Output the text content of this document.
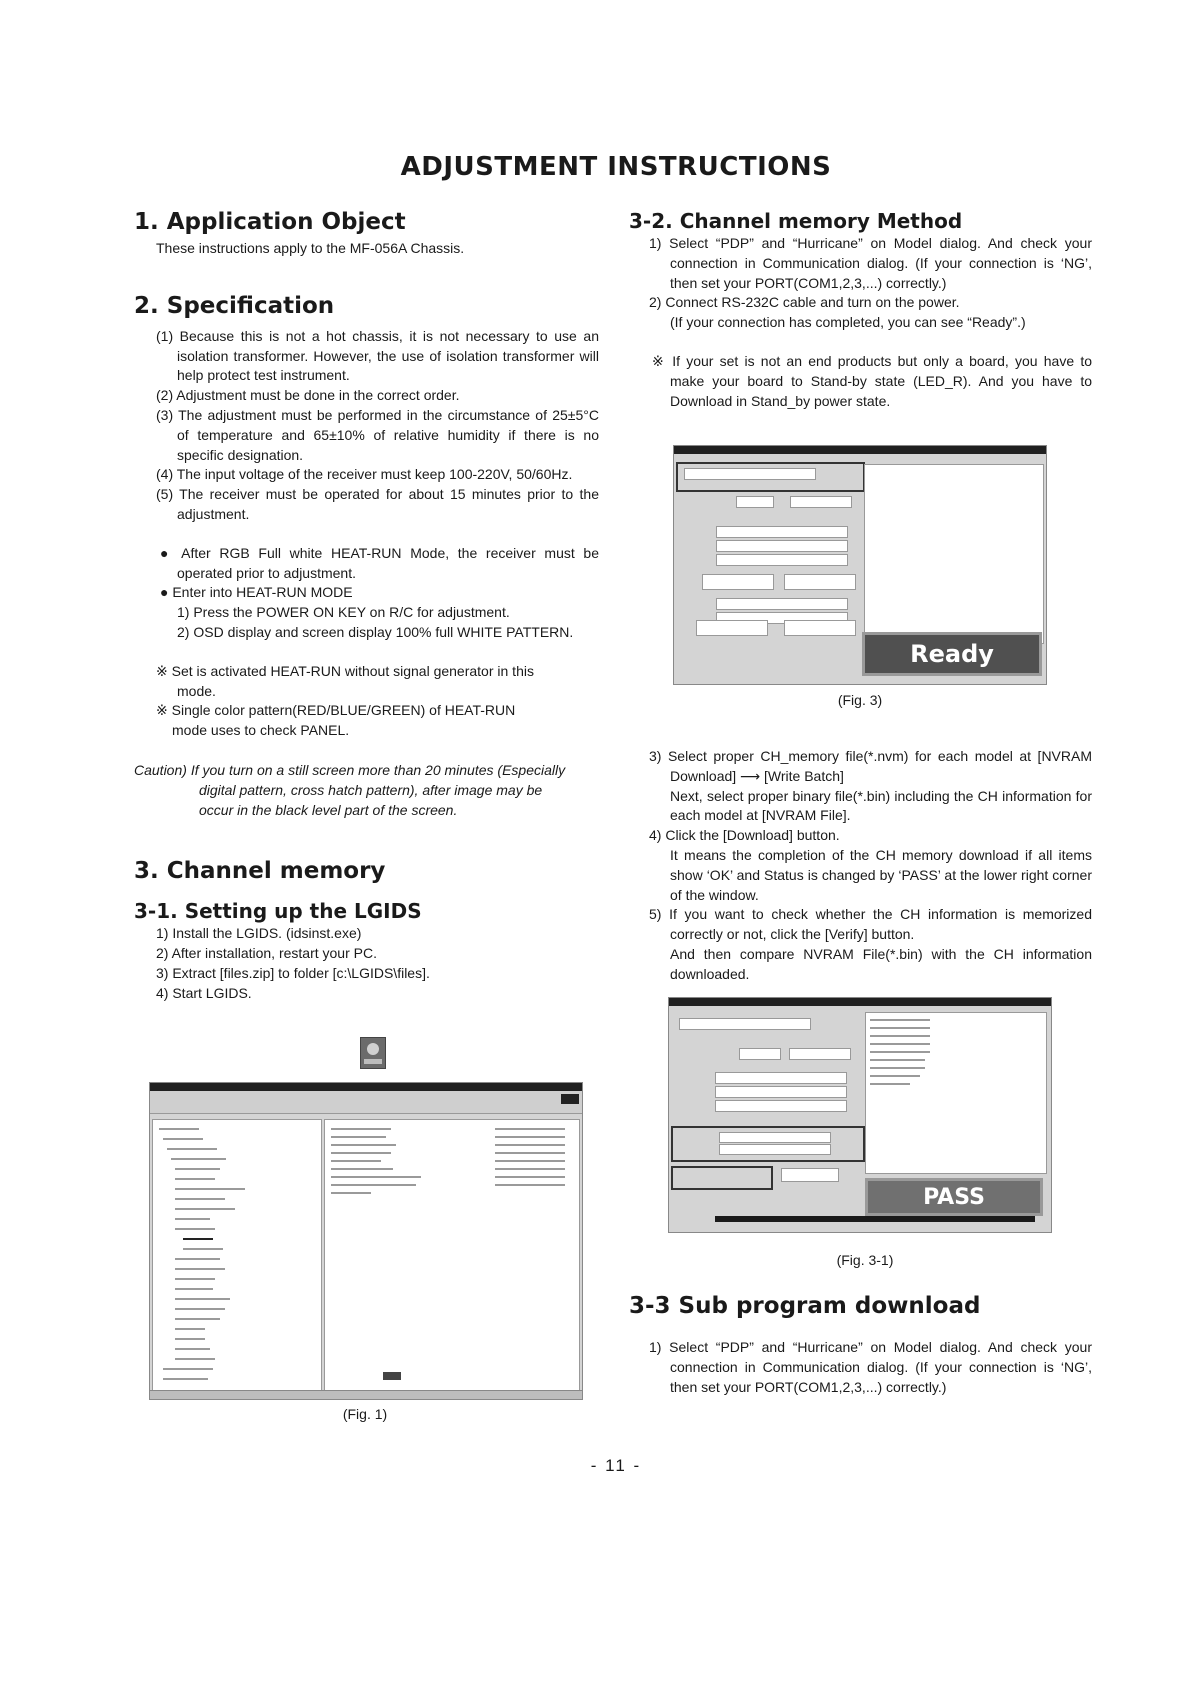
ADJUSTMENT INSTRUCTIONS
1. Application Object

These instructions apply to the MF-056A Chassis.

2. Specification

(1) Because this is not a hot chassis, it is not necessary to use an isolation transformer. However, the use of isolation transformer will help protect test instrument.

(2) Adjustment must be done in the correct order.

(3) The adjustment must be performed in the circumstance of 25±5°C of temperature and 65±10% of relative humidity if there is no specific designation.

(4) The input voltage of the receiver must keep 100-220V, 50/60Hz.

(5) The receiver must be operated for about 15 minutes prior to the adjustment.

● After RGB Full white HEAT-RUN Mode, the receiver must be operated prior to adjustment.

● Enter into HEAT-RUN MODE

1) Press the POWER ON KEY on R/C for adjustment.

2) OSD display and screen display 100% full WHITE PATTERN.

※ Set is activated HEAT-RUN without signal generator in this mode.

※ Single color pattern(RED/BLUE/GREEN) of HEAT-RUN mode uses to check PANEL.

Caution) If you turn on a still screen more than 20 minutes (Especially digital pattern, cross hatch pattern), after image may be occur in the black level part of the screen.

3. Channel memory
3-1. Setting up the LGIDS

1) Install the LGIDS. (idsinst.exe)

2) After installation, restart your PC.

3) Extract [files.zip] to folder [c:\LGIDS\files].

4) Start LGIDS.

(Fig. 1)
3-2. Channel memory Method

1) Select “PDP” and “Hurricane” on Model dialog. And check your connection in Communication dialog. (If your connection is ‘NG’, then set your PORT(COM1,2,3,...) correctly.)

2) Connect RS-232C cable and turn on the power.

(If your connection has completed, you can see “Ready”.)

※ If your set is not an end products but only a board, you have to make your board to Stand-by state (LED_R). And you have to Download in Stand_by power state.

Ready
(Fig. 3)

3) Select proper CH_memory file(*.nvm) for each model at [NVRAM Download] ⟶ [Write Batch]

Next, select proper binary file(*.bin) including the CH information for each model at [NVRAM File].

4) Click the [Download] button.

It means the completion of the CH memory download if all items show ‘OK’ and Status is changed by ‘PASS’ at the lower right corner of the window.

5) If you want to check whether the CH information is memorized correctly or not, click the [Verify] button.

And then compare NVRAM File(*.bin) with the CH information downloaded.

PASS
(Fig. 3-1)
3-3 Sub program download

1) Select “PDP” and “Hurricane” on Model dialog. And check your connection in Communication dialog. (If your connection is ‘NG’, then set your PORT(COM1,2,3,...) correctly.)

- 11 -
